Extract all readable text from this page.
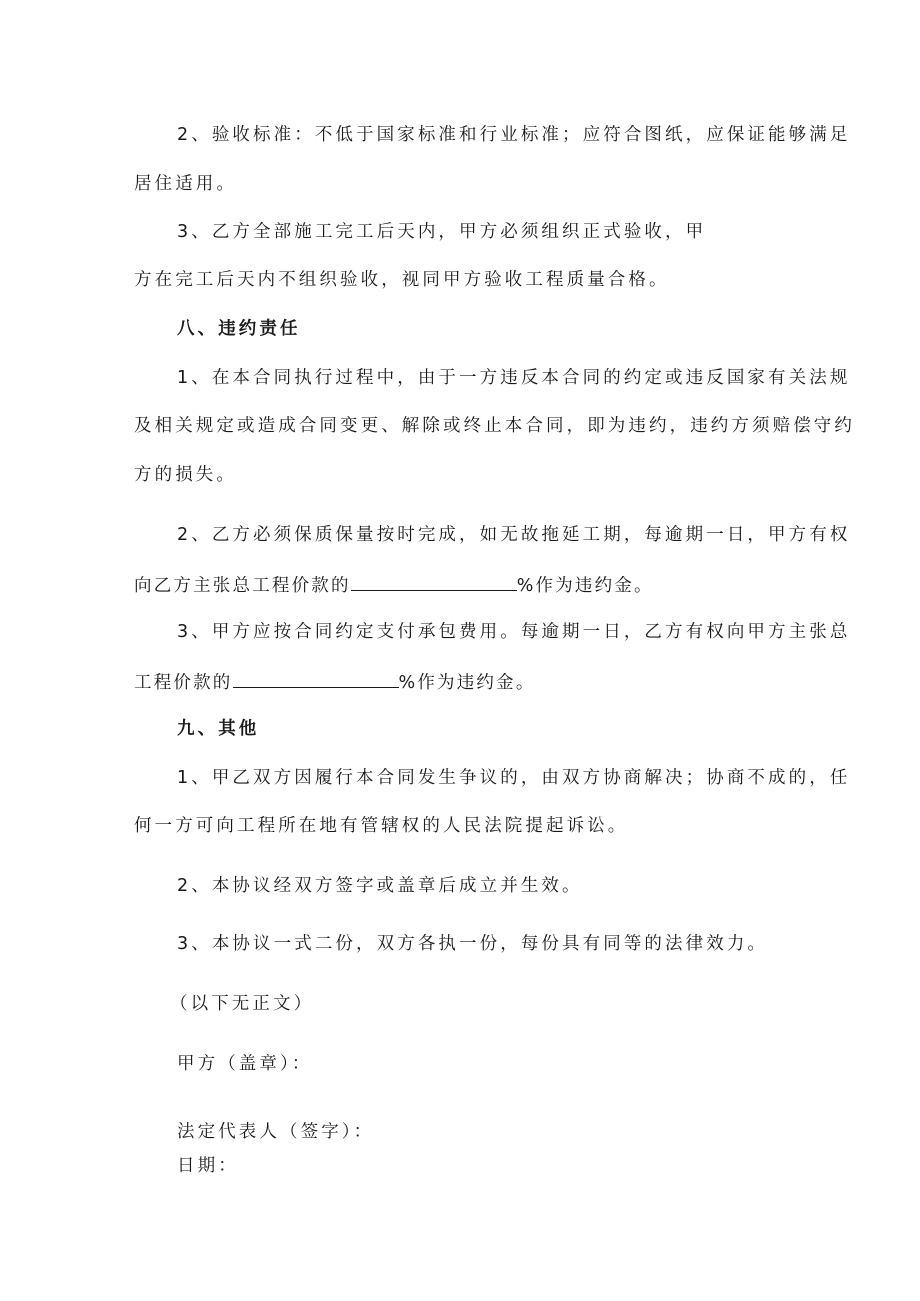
2、验收标准：不低于国家标准和行业标准；应符合图纸，应保证能够满足

居住适用。

3、乙方全部施工完工后天内，甲方必须组织正式验收，甲

方在完工后天内不组织验收，视同甲方验收工程质量合格。

八、违约责任

1、在本合同执行过程中，由于一方违反本合同的约定或违反国家有关法规

及相关规定或造成合同变更、解除或终止本合同，即为违约，违约方须赔偿守约

方的损失。

2、乙方必须保质保量按时完成，如无故拖延工期，每逾期一日，甲方有权

向乙方主张总工程价款的	%作为违约金。

3、甲方应按合同约定支付承包费用。每逾期一日，乙方有权向甲方主张总

工程价款的	%作为违约金。

九、其他

1、甲乙双方因履行本合同发生争议的，由双方协商解决；协商不成的，任

何一方可向工程所在地有管辖权的人民法院提起诉讼。

2、本协议经双方签字或盖章后成立并生效。

3、本协议一式二份，双方各执一份，每份具有同等的法律效力。

（以下无正文）

甲方（盖章）：

法定代表人（签字）：

日期：
